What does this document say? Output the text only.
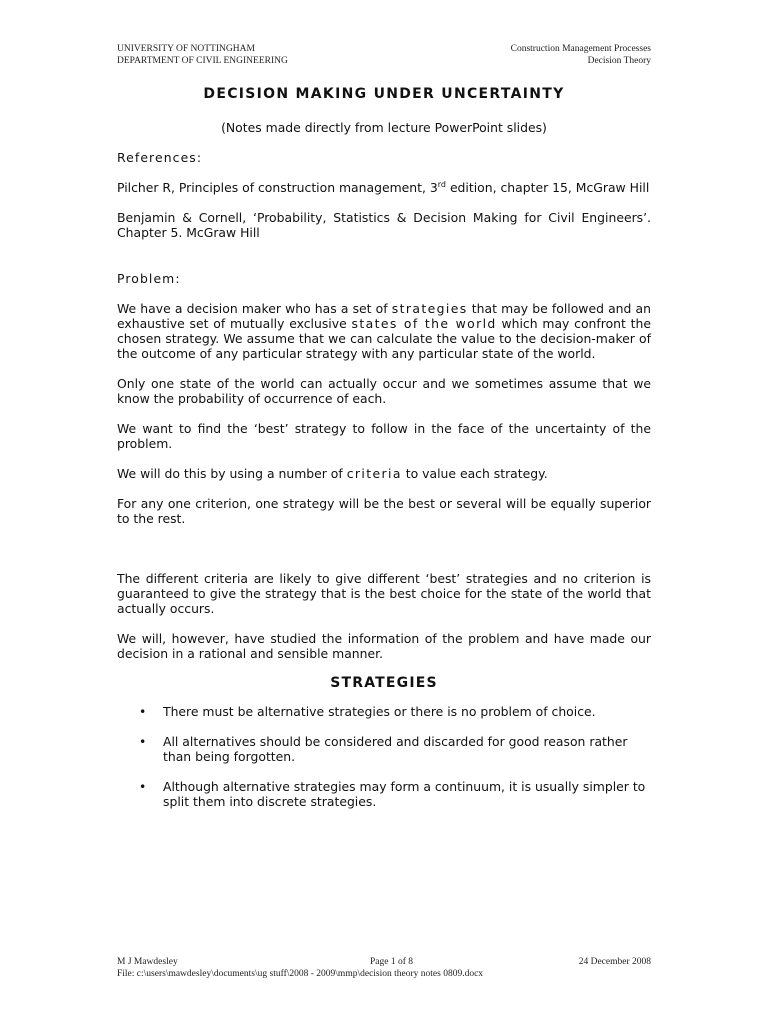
UNIVERSITY OF NOTTINGHAM
DEPARTMENT OF CIVIL ENGINEERING
Construction Management Processes
Decision Theory
DECISION MAKING UNDER UNCERTAINTY

(Notes made directly from lecture PowerPoint slides)

References:

Pilcher R, Principles of construction management, 3rd edition, chapter 15, McGraw Hill

Benjamin & Cornell, ‘Probability, Statistics & Decision Making for Civil Engineers’. Chapter 5. McGraw Hill

Problem:

We have a decision maker who has a set of strategies that may be followed and an exhaustive set of mutually exclusive states of the world which may confront the chosen strategy. We assume that we can calculate the value to the decision-maker of the outcome of any particular strategy with any particular state of the world.

Only one state of the world can actually occur and we sometimes assume that we know the probability of occurrence of each.

We want to find the ‘best’ strategy to follow in the face of the uncertainty of the problem.

We will do this by using a number of criteria to value each strategy.

For any one criterion, one strategy will be the best or several will be equally superior to the rest.

The different criteria are likely to give different ‘best’ strategies and no criterion is guaranteed to give the strategy that is the best choice for the state of the world that actually occurs.

We will, however, have studied the information of the problem and have made our decision in a rational and sensible manner.

STRATEGIES
• There must be alternative strategies or there is no problem of choice.
• All alternatives should be considered and discarded for good reason rather than being forgotten.
• Although alternative strategies may form a continuum, it is usually simpler to split them into discrete strategies.
M J Mawdesley	Page 1 of 8	24 December 2008
File: c:\users\mawdesley\documents\ug stuff\2008 - 2009\mmp\decision theory notes 0809.docx
